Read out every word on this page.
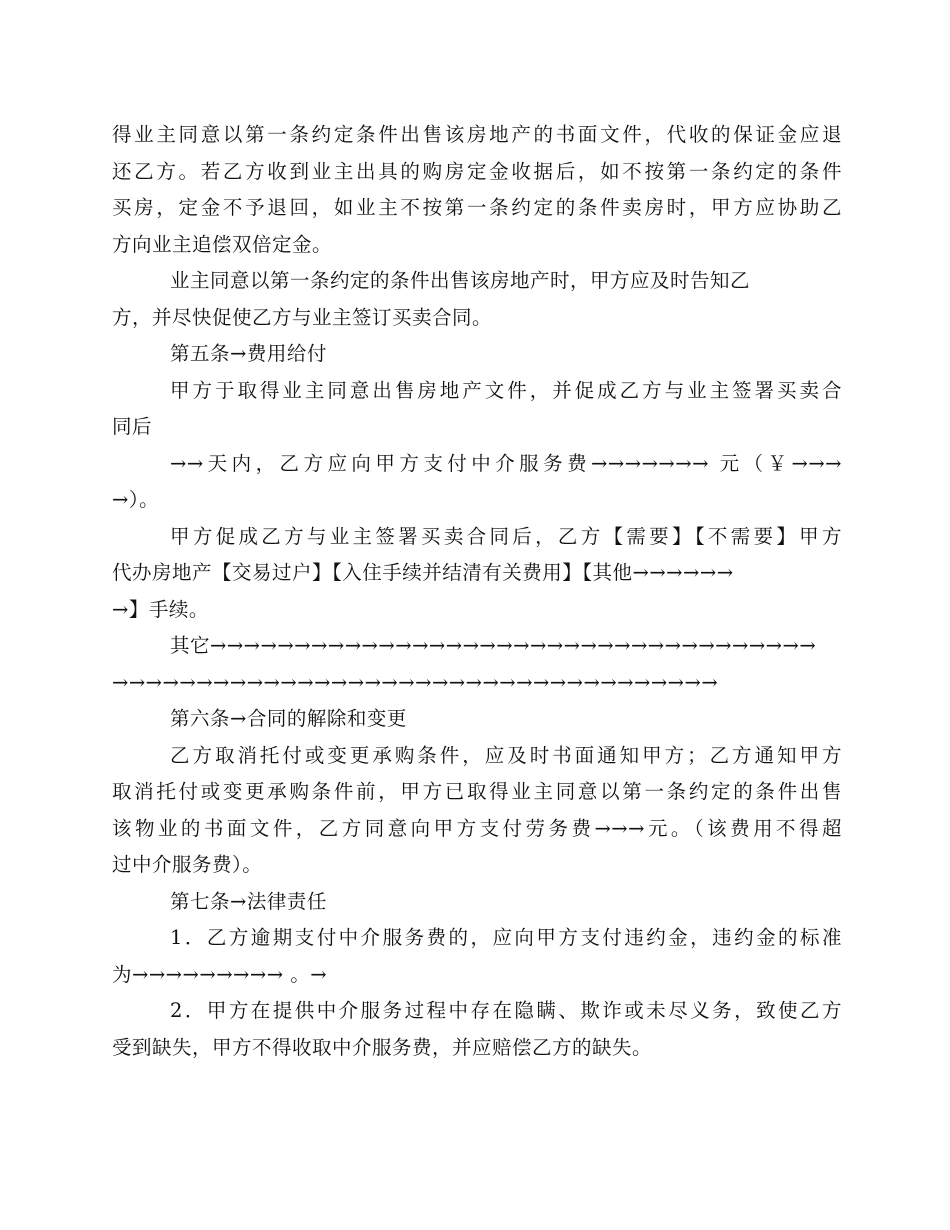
得业主同意以第一条约定条件出售该房地产的书面文件，代收的保证金应退
还乙方。若乙方收到业主出具的购房定金收据后，如不按第一条约定的条件
买房，定金不予退回，如业主不按第一条约定的条件卖房时，甲方应协助乙
方向业主追偿双倍定金。
业主同意以第一条约定的条件出售该房地产时，甲方应及时告知乙
方，并尽快促使乙方与业主签订买卖合同。
第五条→费用给付
甲方于取得业主同意出售房地产文件，并促成乙方与业主签署买卖合
同后
→→天内，乙方应向甲方支付中介服务费→→→→→→→ 元（￥→→→
→）。
甲方促成乙方与业主签署买卖合同后，乙方【需要】【不需要】甲方
代办房地产【交易过户】【入住手续并结清有关费用】【其他→→→→→→
→】手续。
其它→→→→→→→→→→→→→→→→→→→→→→→→→→→→→→→→→→→→
→→→→→→→→→→→→→→→→→→→→→→→→→→→→→→→→→→→→
第六条→合同的解除和变更
乙方取消托付或变更承购条件，应及时书面通知甲方；乙方通知甲方
取消托付或变更承购条件前，甲方已取得业主同意以第一条约定的条件出售
该物业的书面文件，乙方同意向甲方支付劳务费→→→元。（该费用不得超
过中介服务费）。
第七条→法律责任
1．乙方逾期支付中介服务费的，应向甲方支付违约金，违约金的标准
为→→→→→→→→→ 。→
2．甲方在提供中介服务过程中存在隐瞒、欺诈或未尽义务，致使乙方
受到缺失，甲方不得收取中介服务费，并应赔偿乙方的缺失。
